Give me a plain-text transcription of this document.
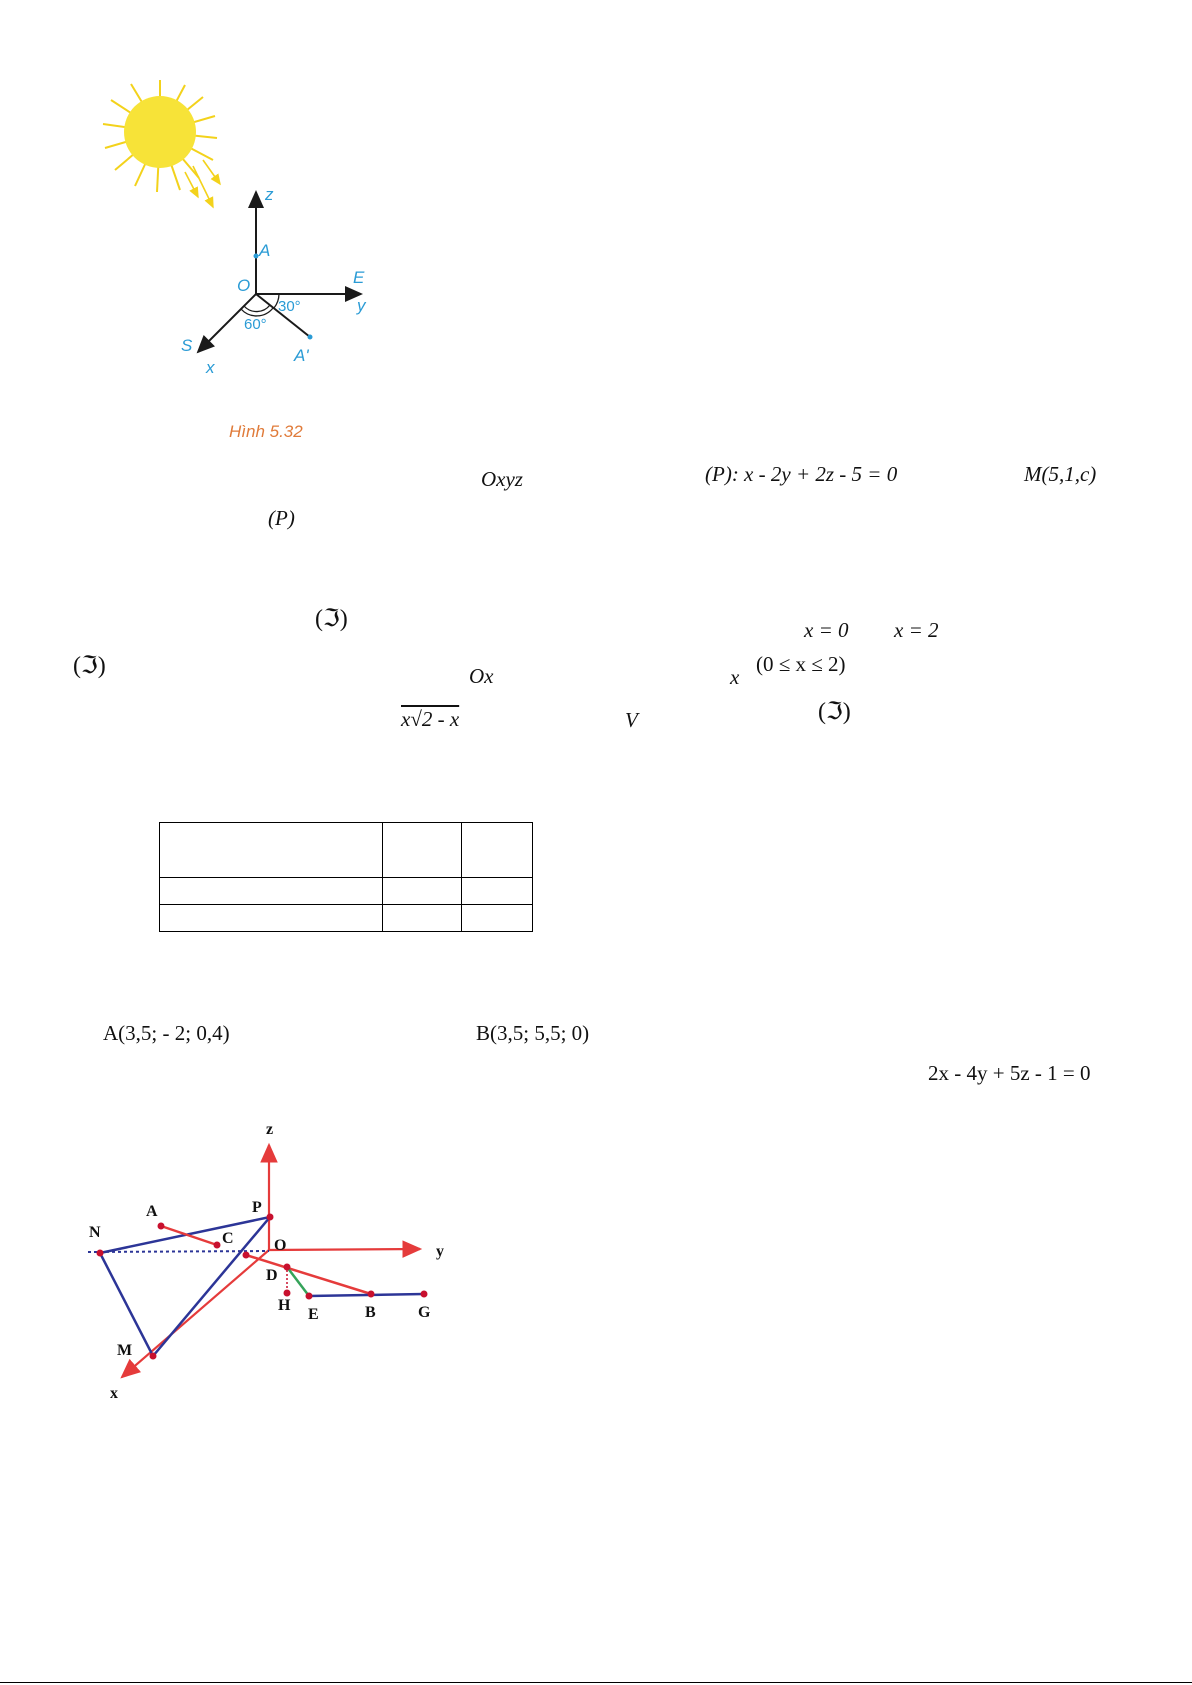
z
A
O	E
y
S
x
A'
30°
60°
Hình 5.32
Oxyz	(P): x - 2y + 2z - 5 = 0	M(5,1,c)
(P)
(ℑ)	x = 0 x = 2
(ℑ)	Ox	x
(0 ≤ x ≤ 2)
x√2 - x	V	(ℑ)

A(3,5; - 2; 0,4)	B(3,5; 5,5; 0)
2x - 4y + 5z - 1 = 0
z
y
x
A	P
N	C	O
D
H
E	B	G
M
